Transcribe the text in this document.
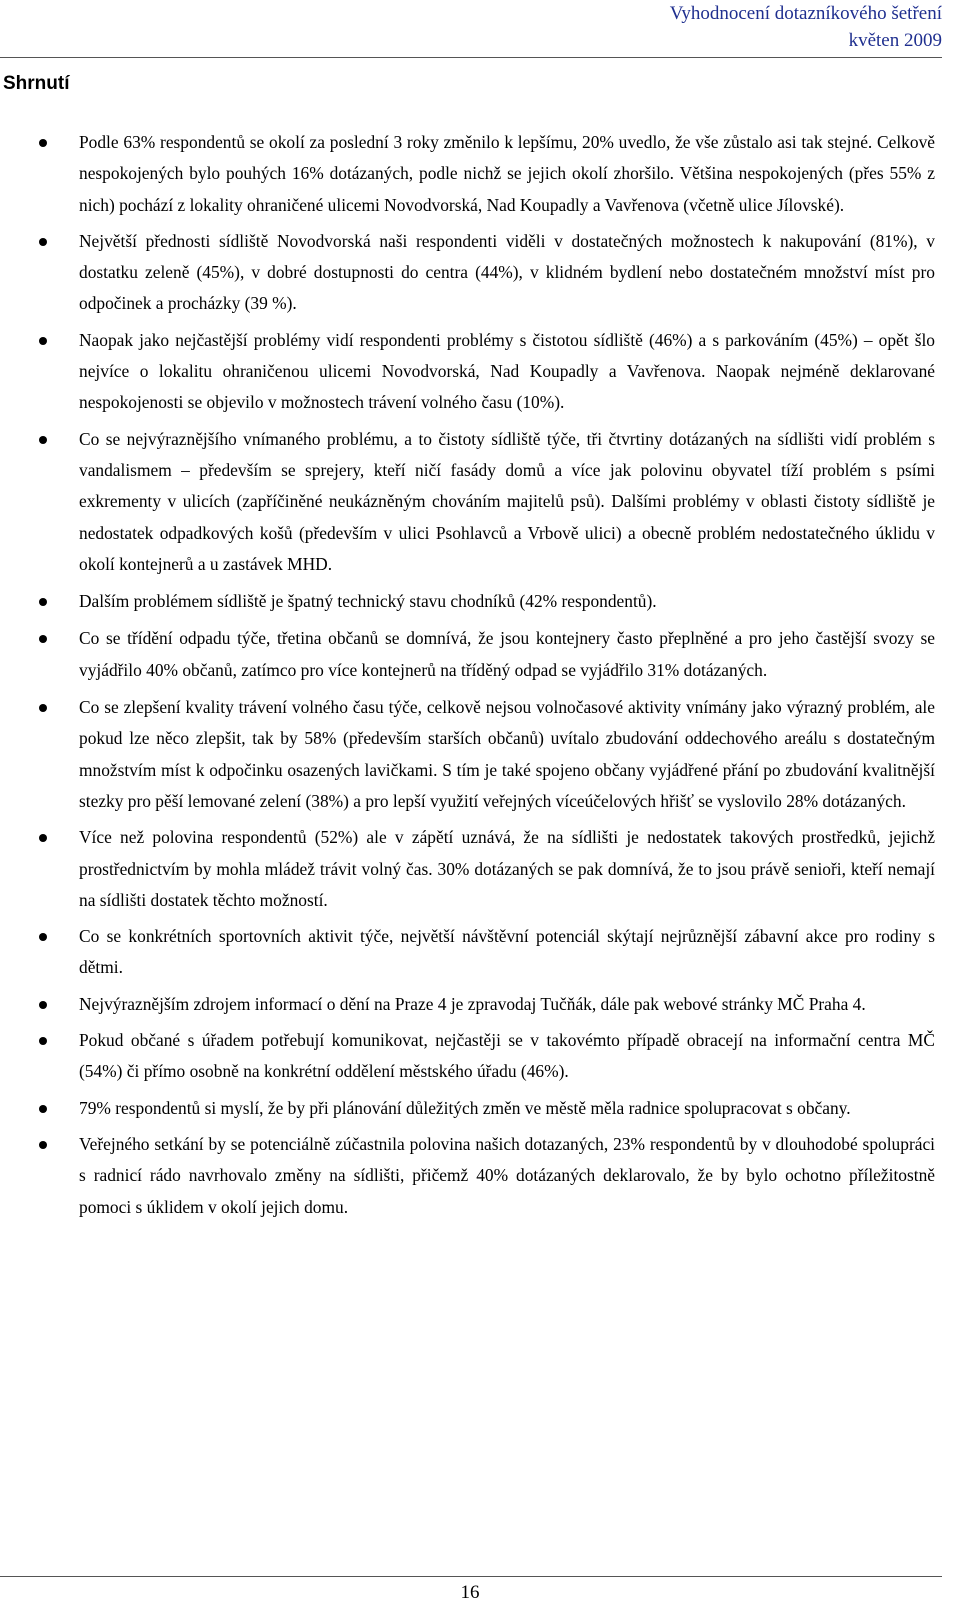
Vyhodnocení dotazníkového šetření
květen 2009
Shrnutí
Podle 63% respondentů se okolí za poslední 3 roky změnilo k lepšímu, 20% uvedlo, že vše zůstalo asi tak stejné. Celkově nespokojených bylo pouhých 16% dotázaných, podle nichž se jejich okolí zhoršilo. Většina nespokojených (přes 55% z nich) pochází z lokality ohraničené ulicemi Novodvorská, Nad Koupadly a Vavřenova (včetně ulice Jílovské).
Největší přednosti sídliště Novodvorská naši respondenti viděli v dostatečných možnostech k nakupování (81%), v dostatku zeleně (45%), v dobré dostupnosti do centra (44%), v klidném bydlení nebo dostatečném množství míst pro odpočinek a procházky (39 %).
Naopak jako nejčastější problémy vidí respondenti problémy s čistotou sídliště (46%) a s parkováním (45%) – opět šlo nejvíce o lokalitu ohraničenou ulicemi Novodvorská, Nad Koupadly a Vavřenova. Naopak nejméně deklarované nespokojenosti se objevilo v možnostech trávení volného času (10%).
Co se nejvýraznějšího vnímaného problému, a to čistoty sídliště týče, tři čtvrtiny dotázaných na sídlišti vidí problém s vandalismem – především se sprejery, kteří ničí fasády domů a více jak polovinu obyvatel tíží problém s psími exkrementy v ulicích (zapříčiněné neukázněným chováním majitelů psů). Dalšími problémy v oblasti čistoty sídliště je nedostatek odpadkových košů (především v ulici Psohlavců a Vrbově ulici) a obecně problém nedostatečného úklidu v okolí kontejnerů a u zastávek MHD.
Dalším problémem sídliště je špatný technický stavu chodníků (42% respondentů).
Co se třídění odpadu týče, třetina občanů se domnívá, že jsou kontejnery často přeplněné a pro jeho častější svozy se vyjádřilo 40% občanů, zatímco pro více kontejnerů na tříděný odpad se vyjádřilo 31% dotázaných.
Co se zlepšení kvality trávení volného času týče, celkově nejsou volnočasové aktivity vnímány jako výrazný problém, ale pokud lze něco zlepšit, tak by 58% (především starších občanů) uvítalo zbudování oddechového areálu s dostatečným množstvím míst k odpočinku osazených lavičkami. S tím je také spojeno občany vyjádřené přání po zbudování kvalitnější stezky pro pěší lemované zelení (38%) a pro lepší využití veřejných víceúčelových hřišť se vyslovilo 28% dotázaných.
Více než polovina respondentů (52%) ale v zápětí uznává, že na sídlišti je nedostatek takových prostředků, jejichž prostřednictvím by mohla mládež trávit volný čas. 30% dotázaných se pak domnívá, že to jsou právě senioři, kteří nemají na sídlišti dostatek těchto možností.
Co se konkrétních sportovních aktivit týče, největší návštěvní potenciál skýtají nejrůznější zábavní akce pro rodiny s dětmi.
Nejvýraznějším zdrojem informací o dění na Praze 4 je zpravodaj Tučňák, dále pak webové stránky MČ Praha 4.
Pokud občané s úřadem potřebují komunikovat, nejčastěji se v takovémto případě obracejí na informační centra MČ (54%) či přímo osobně na konkrétní oddělení městského úřadu (46%).
79% respondentů si myslí, že by při plánování důležitých změn ve městě měla radnice spolupracovat s občany.
Veřejného setkání by se potenciálně zúčastnila polovina našich dotazaných, 23% respondentů by v dlouhodobé spolupráci s radnicí rádo navrhovalo změny na sídlišti, přičemž 40% dotázaných deklarovalo, že by bylo ochotno příležitostně pomoci s úklidem v okolí jejich domu.
16
